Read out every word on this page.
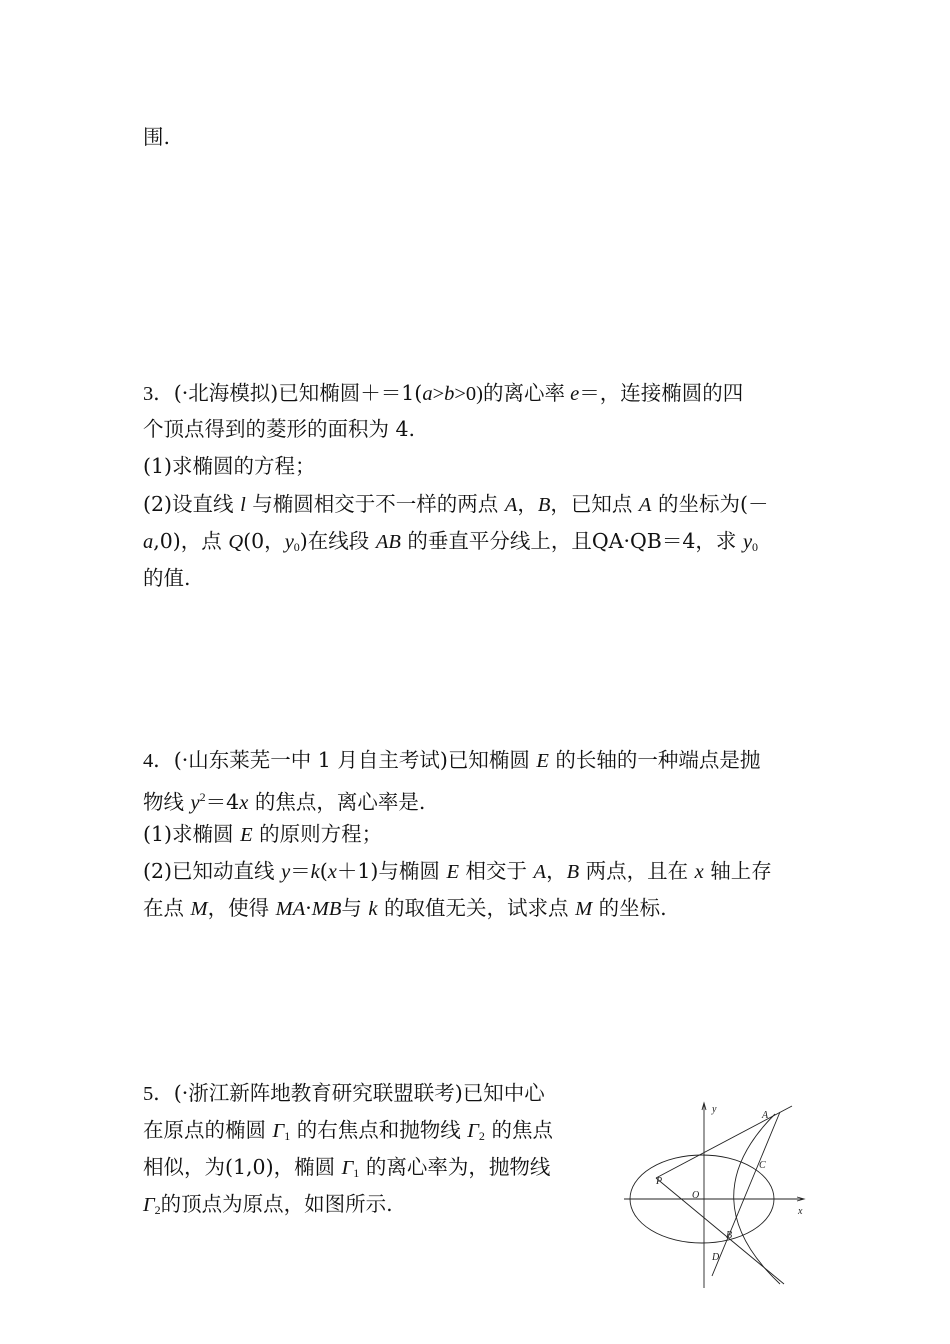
围.
3．(·北海模拟)已知椭圆＋＝1(a>b>0)的离心率 e＝，连接椭圆的四
个顶点得到的菱形的面积为 4.
(1)求椭圆的方程；
(2)设直线 l 与椭圆相交于不一样的两点 A，B，已知点 A 的坐标为(－
a,0)，点 Q(0，$y_0$)在线段 AB 的垂直平分线上，且QA·QB＝4，求 $y_0$
的值.
4．(·山东莱芜一中 1 月自主考试)已知椭圆 E 的长轴的一种端点是抛
物线 $y^2=4x$ 的焦点，离心率是.
(1)求椭圆 E 的原则方程；
(2)已知动直线 y＝k(x＋1)与椭圆 E 相交于 A，B 两点，且在 x 轴上存
在点 M，使得 MA·MB与 k 的取值无关，试求点 M 的坐标.
5．(·浙江新阵地教育研究联盟联考)已知中心
在原点的椭圆 $\Gamma_1$ 的右焦点和抛物线 $\Gamma_2$ 的焦点
相似，为(1,0)，椭圆 $\Gamma_1$ 的离心率为，抛物线
$\Gamma_2$的顶点为原点，如图所示.
y
x
A
C
P
O
B
D
